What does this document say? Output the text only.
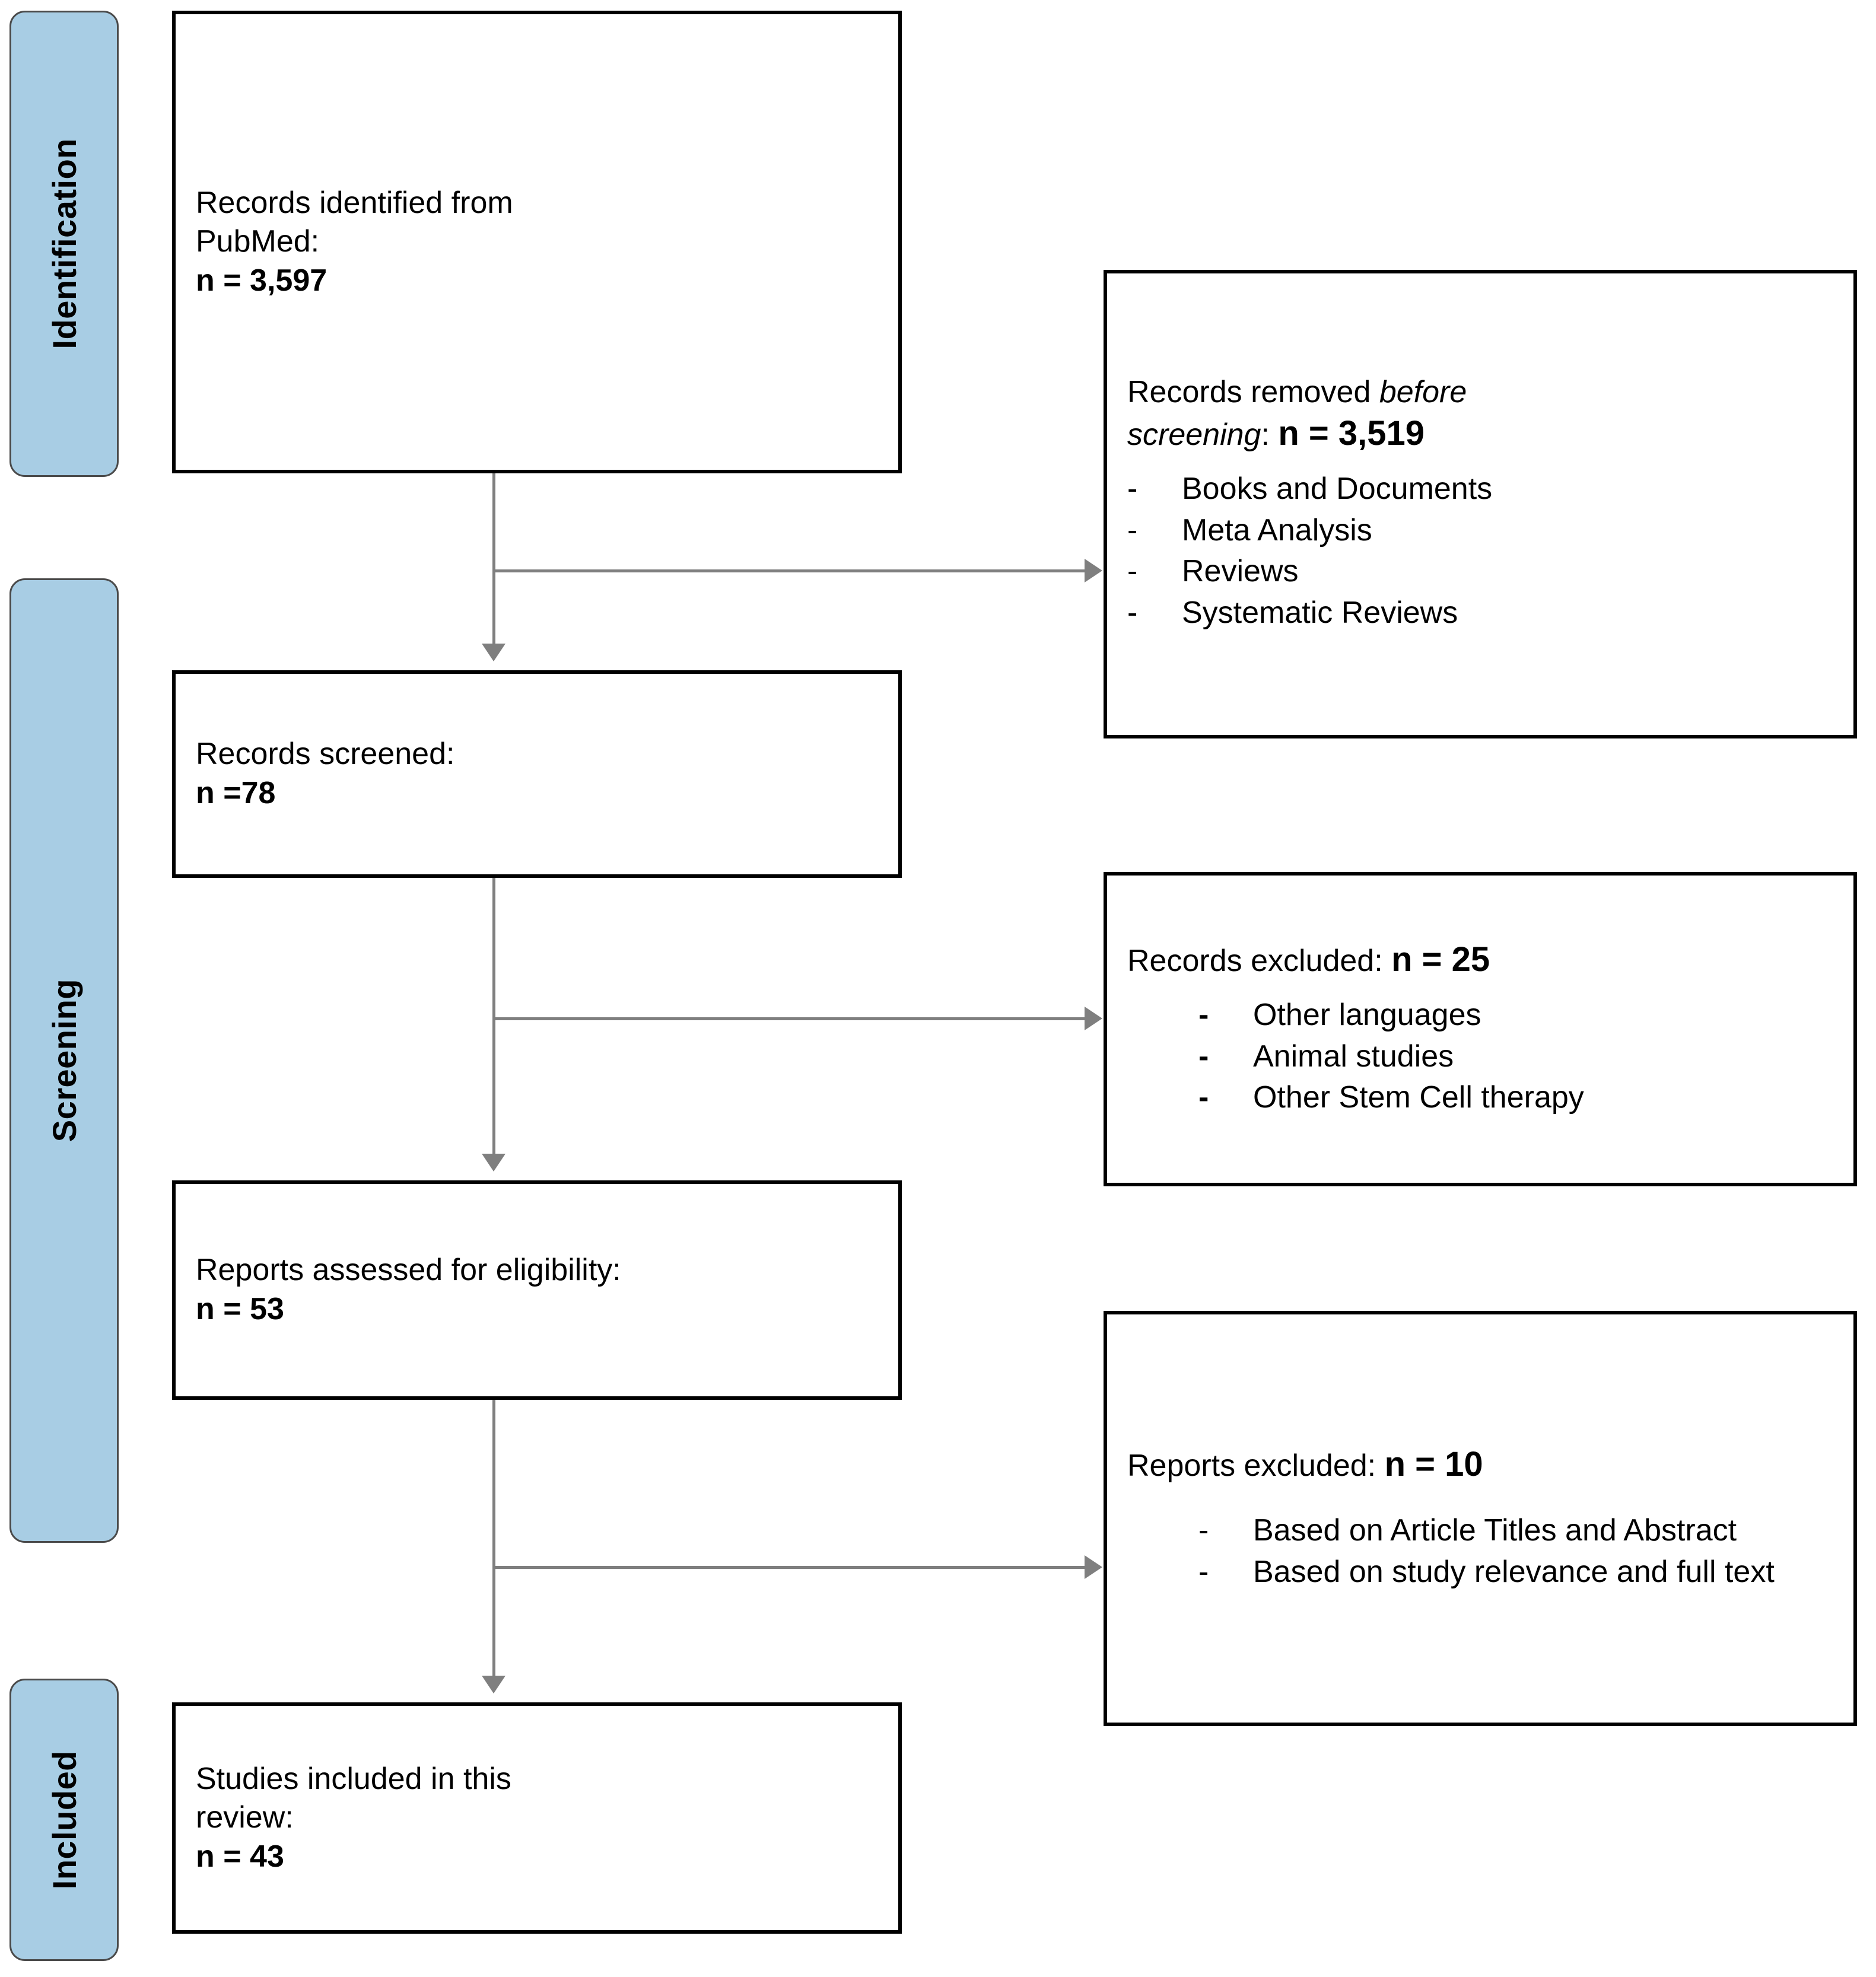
Identification
Screening
Included

Records identified from

PubMed:

n = 3,597

Records screened:

n =78

Reports assessed for eligibility:

n = 53

Studies included in this

review:

n = 43

Records removed before

screening: n = 3,519

-	Books and Documents
-	Meta Analysis
-	Reviews
-	Systematic Reviews

Records excluded: n = 25

-	Other languages
-	Animal studies
-	Other Stem Cell therapy

Reports excluded: n = 10

-	Based on Article Titles and Abstract
-	Based on study relevance and full text
